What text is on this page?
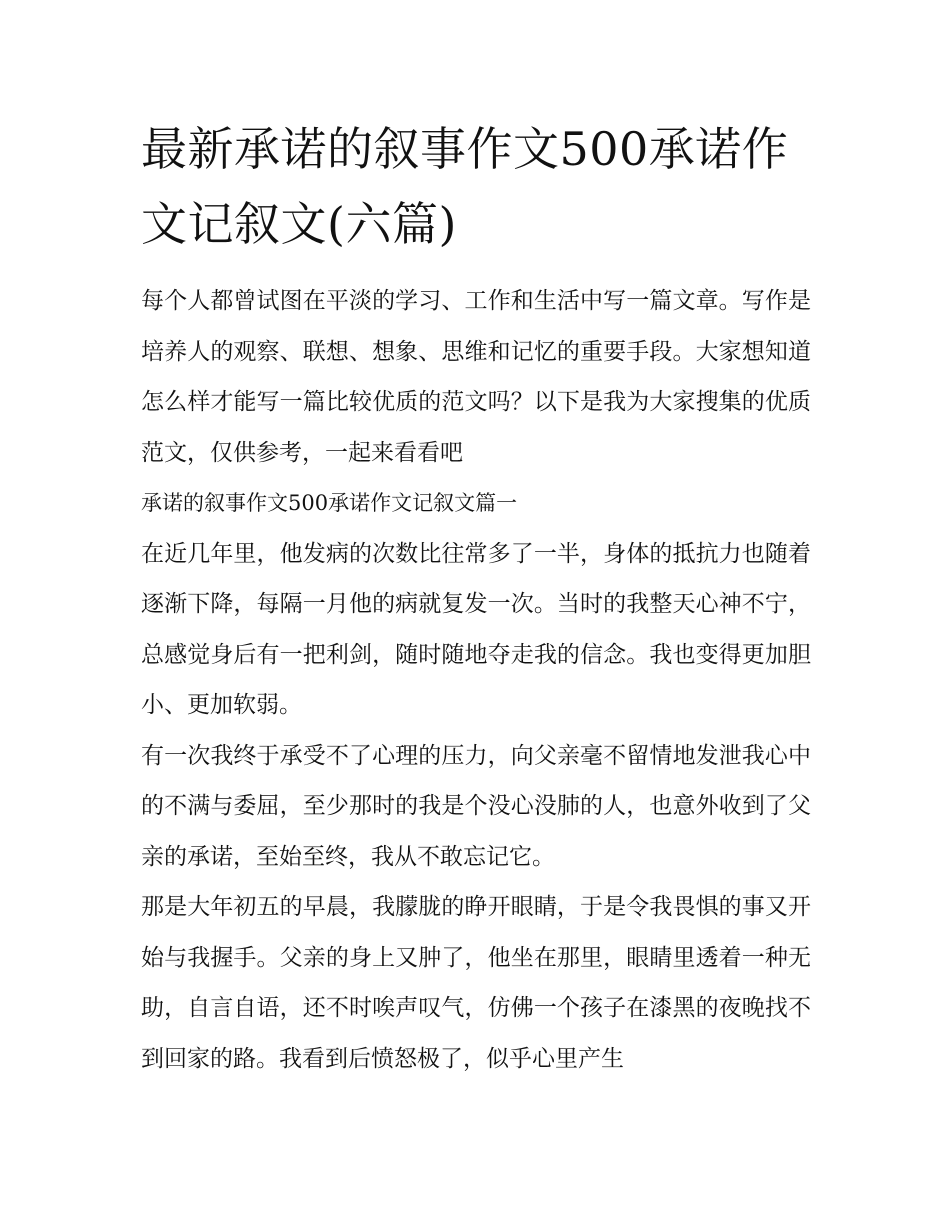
最新承诺的叙事作文500承诺作文记叙文(六篇)

每个人都曾试图在平淡的学习、工作和生活中写一篇文章。写作是培养人的观察、联想、想象、思维和记忆的重要手段。大家想知道怎么样才能写一篇比较优质的范文吗？以下是我为大家搜集的优质范文，仅供参考，一起来看看吧

承诺的叙事作文500承诺作文记叙文篇一

在近几年里，他发病的次数比往常多了一半，身体的抵抗力也随着逐渐下降，每隔一月他的病就复发一次。当时的我整天心神不宁，总感觉身后有一把利剑，随时随地夺走我的信念。我也变得更加胆小、更加软弱。

有一次我终于承受不了心理的压力，向父亲毫不留情地发泄我心中的不满与委屈，至少那时的我是个没心没肺的人，也意外收到了父亲的承诺，至始至终，我从不敢忘记它。

那是大年初五的早晨，我朦胧的睁开眼睛，于是令我畏惧的事又开始与我握手。父亲的身上又肿了，他坐在那里，眼睛里透着一种无助，自言自语，还不时唉声叹气，仿佛一个孩子在漆黑的夜晚找不到回家的路。我看到后愤怒极了，似乎心里产生
